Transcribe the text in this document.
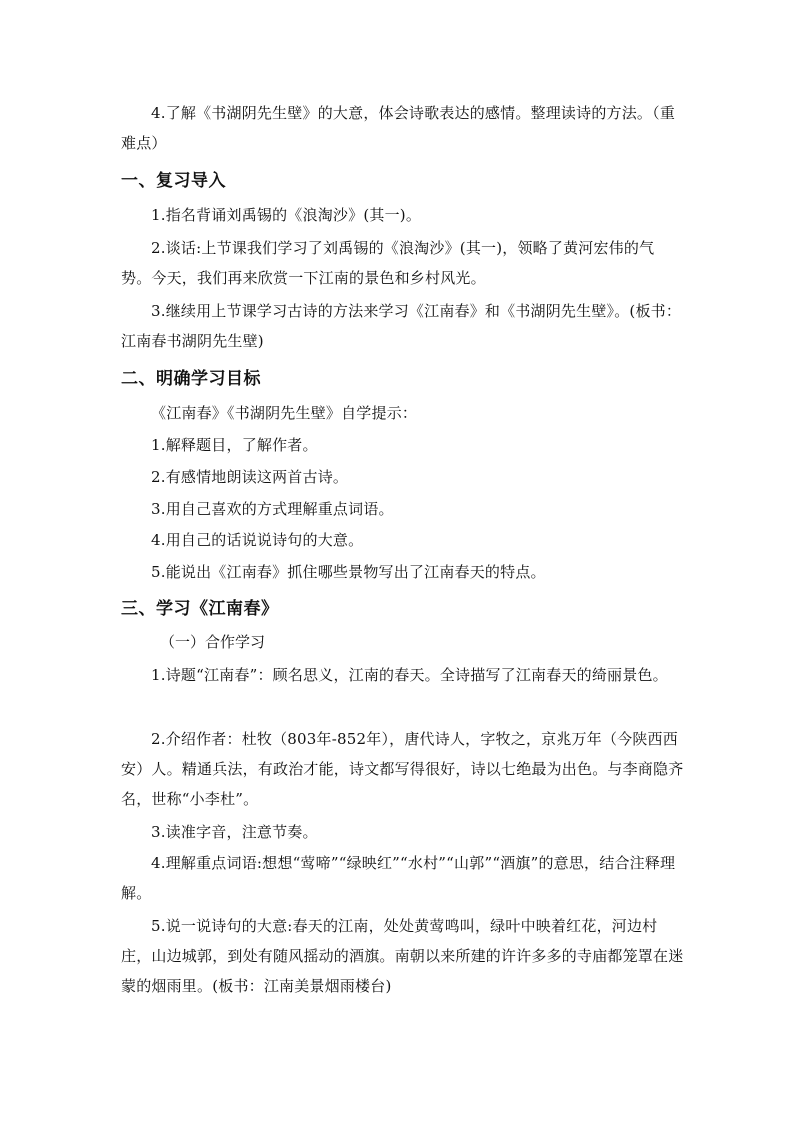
4.了解《书湖阴先生壁》的大意，体会诗歌表达的感情。整理读诗的方法。（重难点）
一、复习导入
1.指名背诵刘禹锡的《浪淘沙》(其一)。
2.谈话:上节课我们学习了刘禹锡的《浪淘沙》(其一)，领略了黄河宏伟的气势。今天，我们再来欣赏一下江南的景色和乡村风光。
3.继续用上节课学习古诗的方法来学习《江南春》和《书湖阴先生壁》。(板书：江南春书湖阴先生壁)
二、明确学习目标
《江南春》《书湖阴先生壁》自学提示：
1.解释题目，了解作者。
2.有感情地朗读这两首古诗。
3.用自己喜欢的方式理解重点词语。
4.用自己的话说说诗句的大意。
5.能说出《江南春》抓住哪些景物写出了江南春天的特点。
三、学习《江南春》
（一）合作学习
1.诗题“江南春”：顾名思义，江南的春天。全诗描写了江南春天的绮丽景色。
2.介绍作者：杜牧（803年-852年），唐代诗人，字牧之，京兆万年（今陕西西安）人。精通兵法，有政治才能，诗文都写得很好，诗以七绝最为出色。与李商隐齐名，世称“小李杜”。
3.读准字音，注意节奏。
4.理解重点词语:想想“莺啼”“绿映红”“水村”“山郭”“酒旗”的意思，结合注释理解。
5.说一说诗句的大意:春天的江南，处处黄莺鸣叫，绿叶中映着红花，河边村庄，山边城郭，到处有随风摇动的酒旗。南朝以来所建的许许多多的寺庙都笼罩在迷蒙的烟雨里。(板书：江南美景烟雨楼台)
